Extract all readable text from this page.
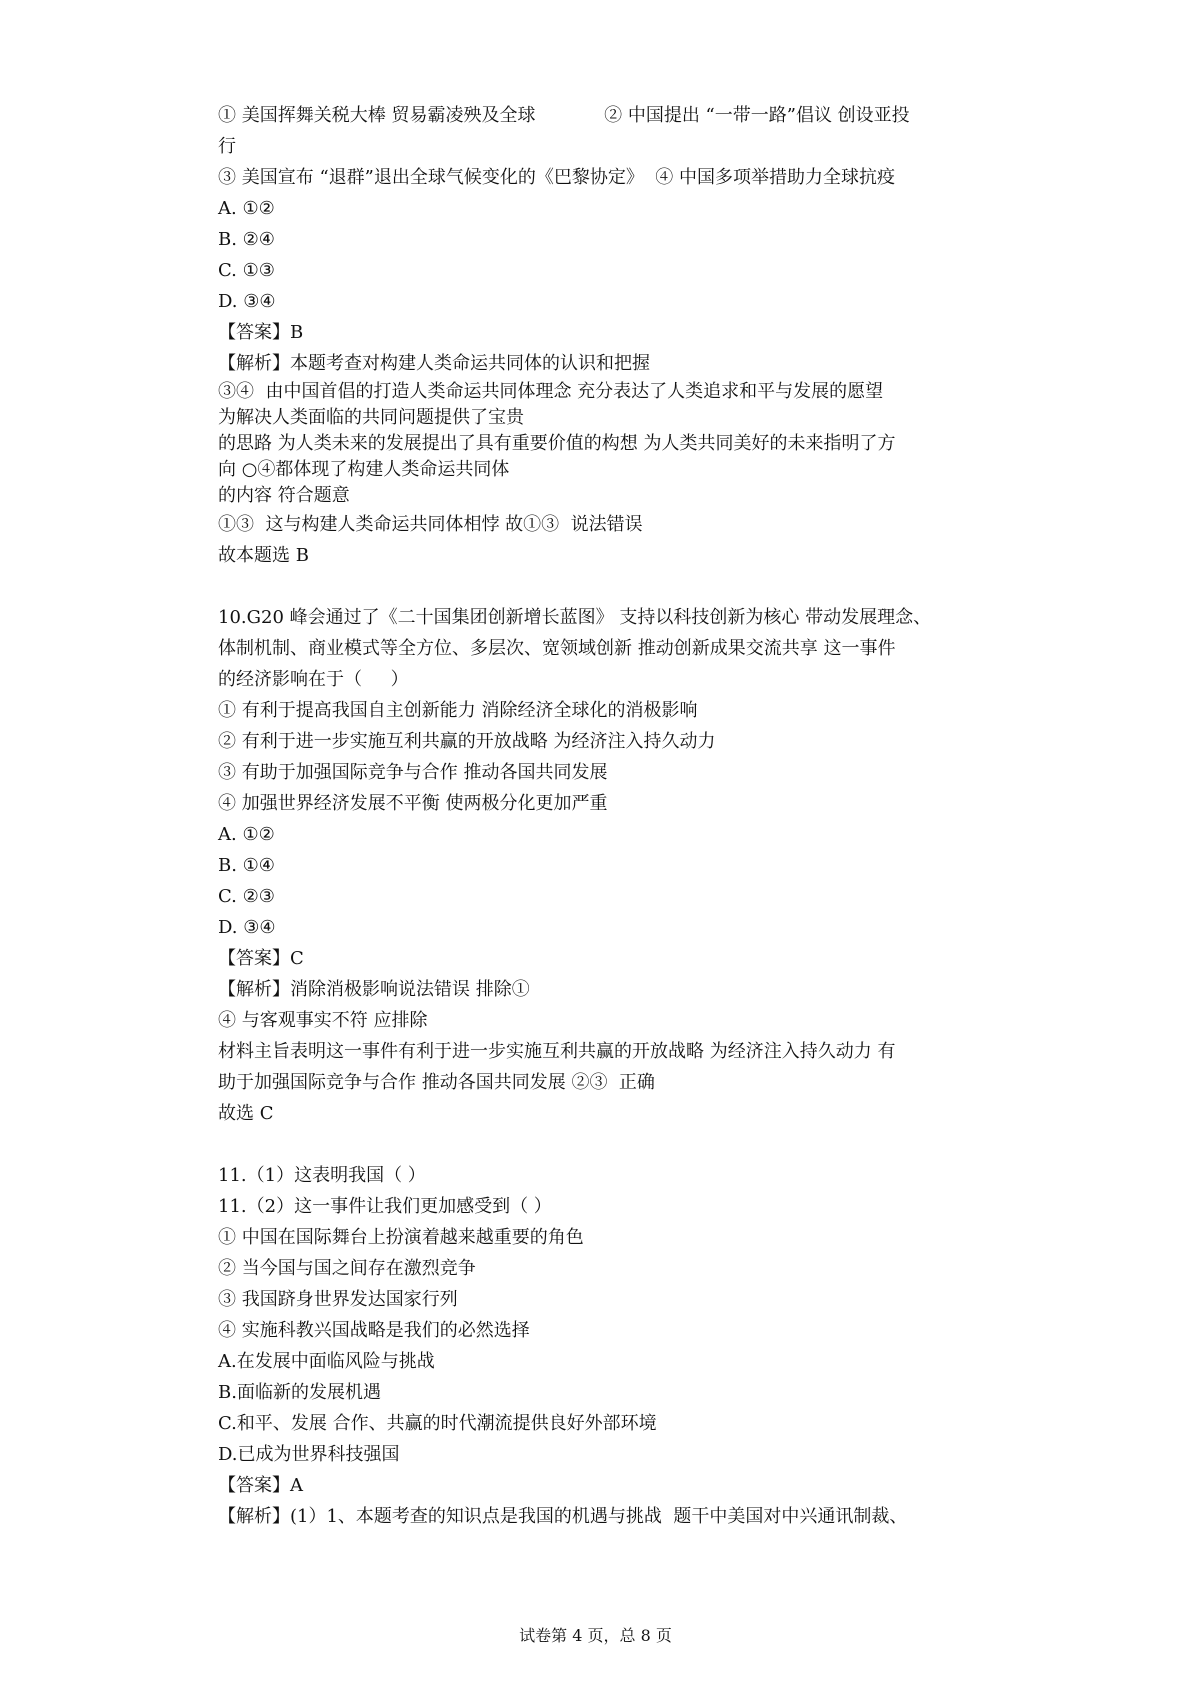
① 美国挥舞关税大棒 贸易霸凌殃及全球            ② 中国提出 “一带一路”倡议 创设亚投

行

③ 美国宣布 “退群”退出全球气候变化的《巴黎协定》  ④ 中国多项举措助力全球抗疫

A. ①②

B. ②④

C. ①③

D. ③④

【答案】B

【解析】本题考查对构建人类命运共同体的认识和把握

③④  由中国首倡的打造人类命运共同体理念 充分表达了人类追求和平与发展的愿望

为解决人类面临的共同问题提供了宝贵

的思路 为人类未来的发展提出了具有重要价值的构想 为人类共同美好的未来指明了方

向 ○④都体现了构建人类命运共同体

的内容 符合题意

①③  这与构建人类命运共同体相悖 故①③  说法错误

故本题选 B

10.G20 峰会通过了《二十国集团创新增长蓝图》 支持以科技创新为核心 带动发展理念、

体制机制、商业模式等全方位、多层次、宽领域创新 推动创新成果交流共享 这一事件

的经济影响在于（     ）

① 有利于提高我国自主创新能力 消除经济全球化的消极影响

② 有利于进一步实施互利共赢的开放战略 为经济注入持久动力

③ 有助于加强国际竞争与合作 推动各国共同发展

④ 加强世界经济发展不平衡 使两极分化更加严重

A. ①②

B. ①④

C. ②③

D. ③④

【答案】C

【解析】消除消极影响说法错误 排除①

④ 与客观事实不符 应排除

材料主旨表明这一事件有利于进一步实施互利共赢的开放战略 为经济注入持久动力 有

助于加强国际竞争与合作 推动各国共同发展 ②③  正确

故选 C

11.（1）这表明我国（ ）

11.（2）这一事件让我们更加感受到（ ）

① 中国在国际舞台上扮演着越来越重要的角色

② 当今国与国之间存在激烈竞争

③ 我国跻身世界发达国家行列

④ 实施科教兴国战略是我们的必然选择

A.在发展中面临风险与挑战

B.面临新的发展机遇

C.和平、发展 合作、共赢的时代潮流提供良好外部环境

D.已成为世界科技强国

【答案】A

【解析】(1）1、本题考查的知识点是我国的机遇与挑战  题干中美国对中兴通讯制裁、

试卷第 4 页，总 8 页
